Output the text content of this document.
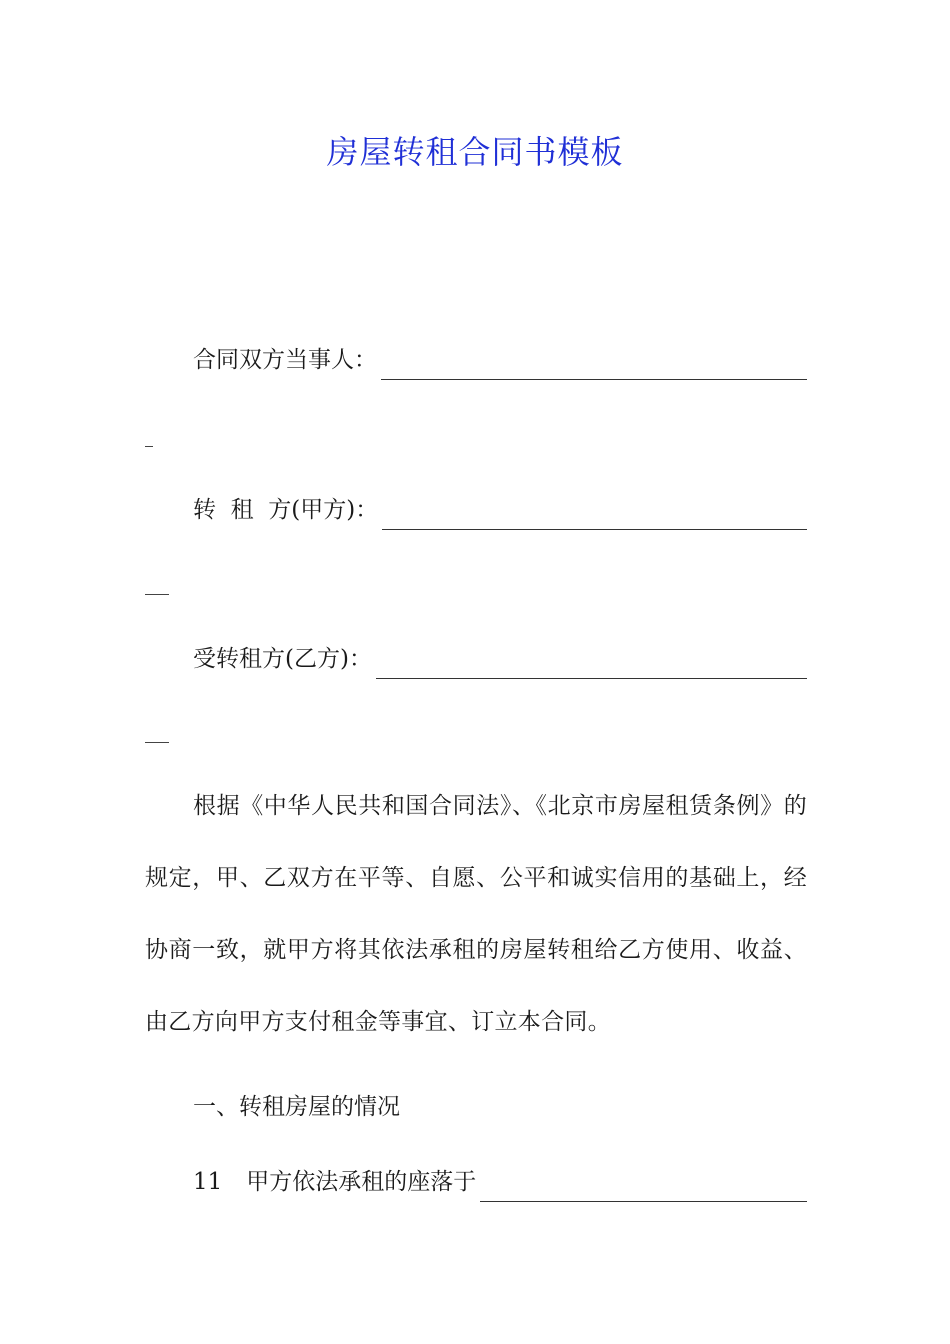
房屋转租合同书模板
合同双方当事人：
转  租  方(甲方)：
受转租方(乙方)：

根据《中华人民共和国合同法》、《北京市房屋租赁条例》的规定，甲、乙双方在平等、自愿、公平和诚实信用的基础上，经协商一致，就甲方将其依法承租的房屋转租给乙方使用、收益、由乙方向甲方支付租金等事宜、订立本合同。

一、转租房屋的情况

11 甲方依法承租的座落于
